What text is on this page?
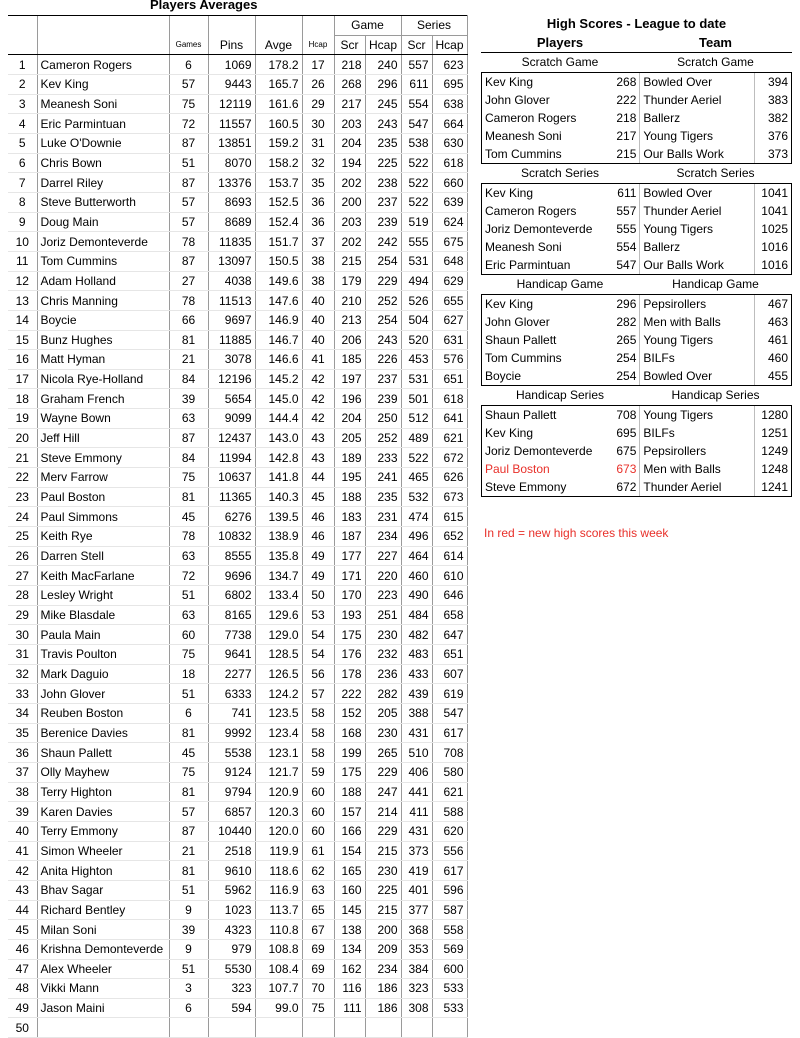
Players Averages
						Game		Series	
		Games	Pins	Avge	Hcap	Scr	Hcap	Scr	Hcap
1	Cameron Rogers	6	1069	178.2	17	218	240	557	623
2	Kev King	57	9443	165.7	26	268	296	611	695
3	Meanesh Soni	75	12119	161.6	29	217	245	554	638
4	Eric Parmintuan	72	11557	160.5	30	203	243	547	664
5	Luke O'Downie	87	13851	159.2	31	204	235	538	630
6	Chris Bown	51	8070	158.2	32	194	225	522	618
7	Darrel Riley	87	13376	153.7	35	202	238	522	660
8	Steve Butterworth	57	8693	152.5	36	200	237	522	639
9	Doug Main	57	8689	152.4	36	203	239	519	624
10	Joriz Demonteverde	78	11835	151.7	37	202	242	555	675
11	Tom Cummins	87	13097	150.5	38	215	254	531	648
12	Adam Holland	27	4038	149.6	38	179	229	494	629
13	Chris Manning	78	11513	147.6	40	210	252	526	655
14	Boycie	66	9697	146.9	40	213	254	504	627
15	Bunz Hughes	81	11885	146.7	40	206	243	520	631
16	Matt Hyman	21	3078	146.6	41	185	226	453	576
17	Nicola Rye-Holland	84	12196	145.2	42	197	237	531	651
18	Graham French	39	5654	145.0	42	196	239	501	618
19	Wayne Bown	63	9099	144.4	42	204	250	512	641
20	Jeff Hill	87	12437	143.0	43	205	252	489	621
21	Steve Emmony	84	11994	142.8	43	189	233	522	672
22	Merv Farrow	75	10637	141.8	44	195	241	465	626
23	Paul Boston	81	11365	140.3	45	188	235	532	673
24	Paul Simmons	45	6276	139.5	46	183	231	474	615
25	Keith Rye	78	10832	138.9	46	187	234	496	652
26	Darren Stell	63	8555	135.8	49	177	227	464	614
27	Keith MacFarlane	72	9696	134.7	49	171	220	460	610
28	Lesley Wright	51	6802	133.4	50	170	223	490	646
29	Mike Blasdale	63	8165	129.6	53	193	251	484	658
30	Paula Main	60	7738	129.0	54	175	230	482	647
31	Travis Poulton	75	9641	128.5	54	176	232	483	651
32	Mark Daguio	18	2277	126.5	56	178	236	433	607
33	John Glover	51	6333	124.2	57	222	282	439	619
34	Reuben Boston	6	741	123.5	58	152	205	388	547
35	Berenice Davies	81	9992	123.4	58	168	230	431	617
36	Shaun Pallett	45	5538	123.1	58	199	265	510	708
37	Olly Mayhew	75	9124	121.7	59	175	229	406	580
38	Terry Highton	81	9794	120.9	60	188	247	441	621
39	Karen Davies	57	6857	120.3	60	157	214	411	588
40	Terry Emmony	87	10440	120.0	60	166	229	431	620
41	Simon Wheeler	21	2518	119.9	61	154	215	373	556
42	Anita Highton	81	9610	118.6	62	165	230	419	617
43	Bhav Sagar	51	5962	116.9	63	160	225	401	596
44	Richard Bentley	9	1023	113.7	65	145	215	377	587
45	Milan Soni	39	4323	110.8	67	138	200	368	558
46	Krishna Demonteverde	9	979	108.8	69	134	209	353	569
47	Alex Wheeler	51	5530	108.4	69	162	234	384	600
48	Vikki Mann	3	323	107.7	70	116	186	323	533
49	Jason Maini	6	594	99.0	75	111	186	308	533
50									
High Scores - League to date
Players	Team
Scratch Game	Scratch Game
Kev King	268 Bowled Over	394
John Glover	222 Thunder Aeriel	383
Cameron Rogers	218 Ballerz	382
Meanesh Soni	217 Young Tigers	376
Tom Cummins	215 Our Balls Work	373
Scratch Series	Scratch Series
Kev King	611 Bowled Over	1041
Cameron Rogers	557 Thunder Aeriel	1041
Joriz Demonteverde	555 Young Tigers	1025
Meanesh Soni	554 Ballerz	1016
Eric Parmintuan	547 Our Balls Work	1016
Handicap Game	Handicap Game
Kev King	296 Pepsirollers	467
John Glover	282 Men with Balls	463
Shaun Pallett	265 Young Tigers	461
Tom Cummins	254 BILFs	460
Boycie	254 Bowled Over	455
Handicap Series	Handicap Series
Shaun Pallett	708 Young Tigers	1280
Kev King	695 BILFs	1251
Joriz Demonteverde	675 Pepsirollers	1249
Paul Boston	673 Men with Balls	1248
Steve Emmony	672 Thunder Aeriel	1241
In red = new high scores this week
